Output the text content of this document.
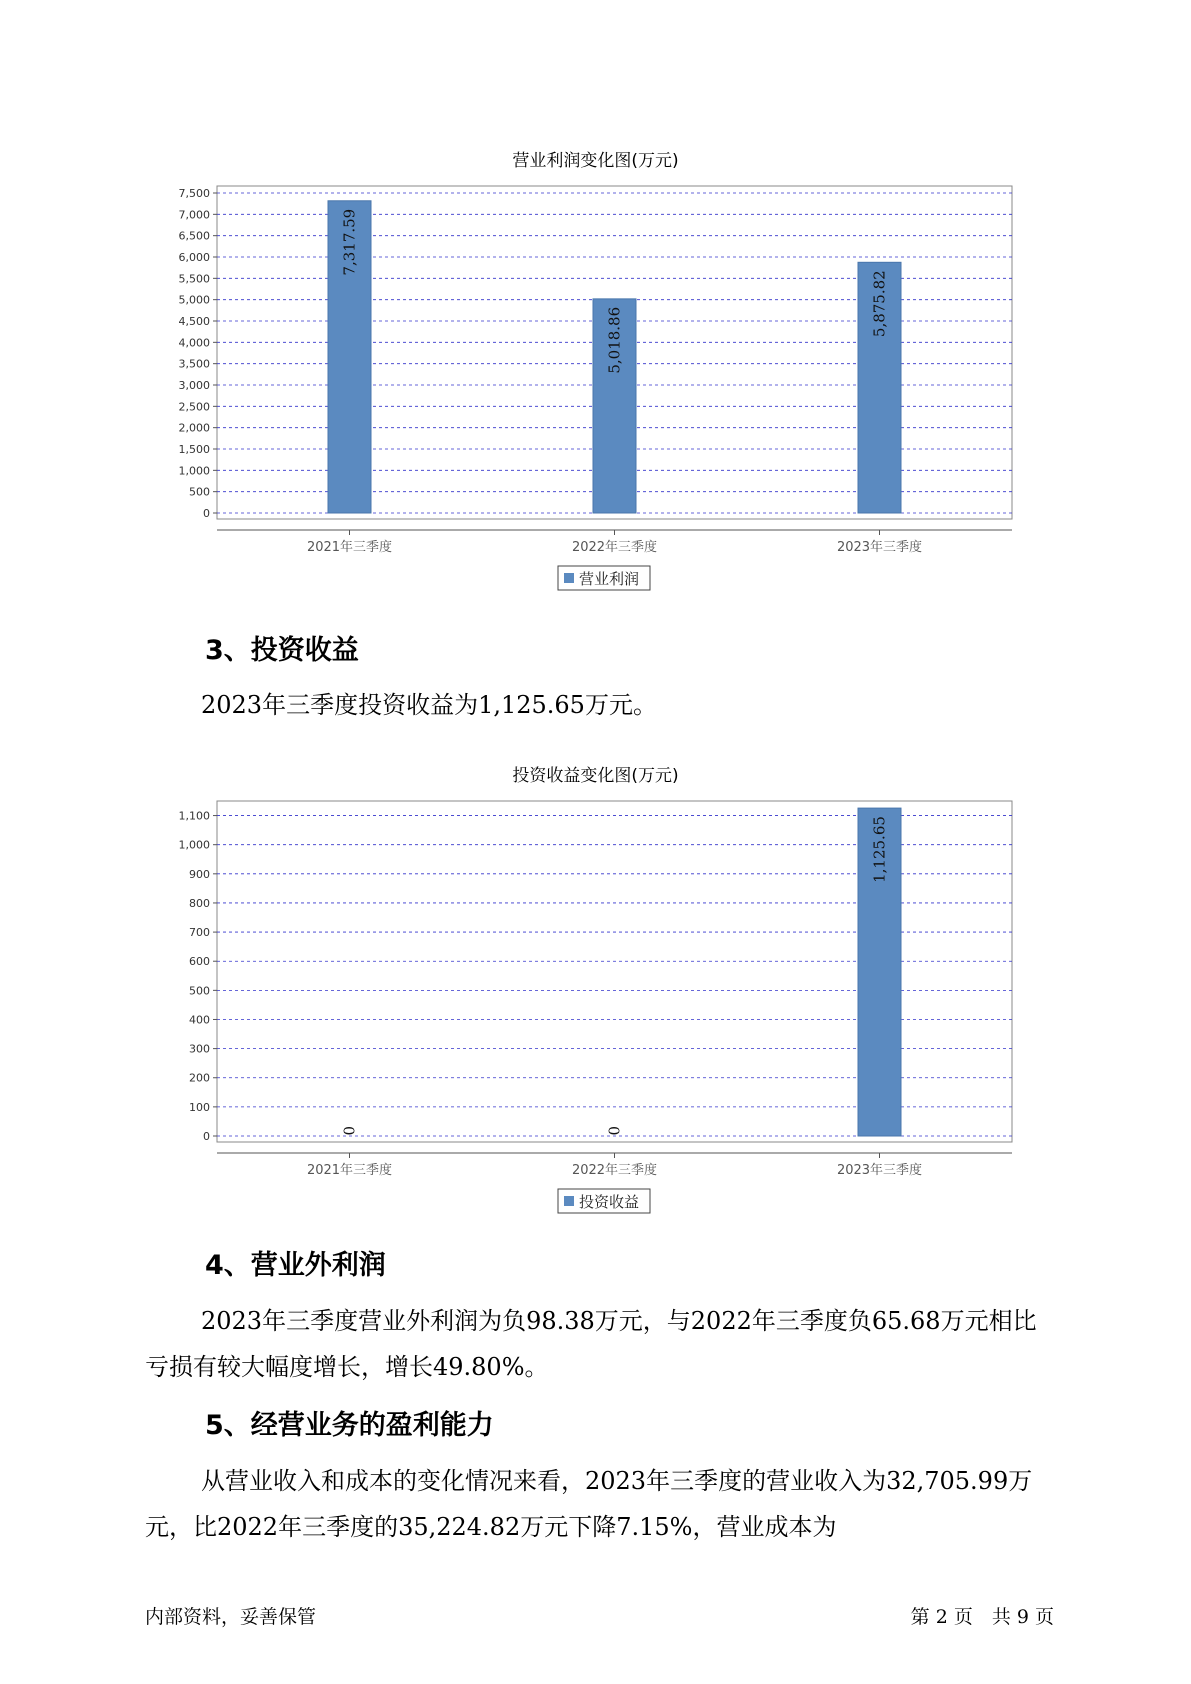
营业利润变化图(万元)
0
500
1,000
1,500
2,000
2,500
3,000
3,500
4,000
4,500
5,000
5,500
6,000
6,500
7,000
7,500
2021年三季度
7,317.59
2022年三季度
5,018.86
2023年三季度
5,875.82
营业利润
3、投资收益

2023年三季度投资收益为1,125.65万元。

投资收益变化图(万元)
0
100
200
300
400
500
600
700
800
900
1,000
1,100
2021年三季度
0
2022年三季度
0
2023年三季度
1,125.65
投资收益
4、营业外利润

2023年三季度营业外利润为负98.38万元，与2022年三季度负65.68万元相比亏损有较大幅度增长，增长49.80%。

5、经营业务的盈利能力

从营业收入和成本的变化情况来看，2023年三季度的营业收入为32,705.99万元，比2022年三季度的35,224.82万元下降7.15%，营业成本为

内部资料，妥善保管	第 2 页　共 9 页
